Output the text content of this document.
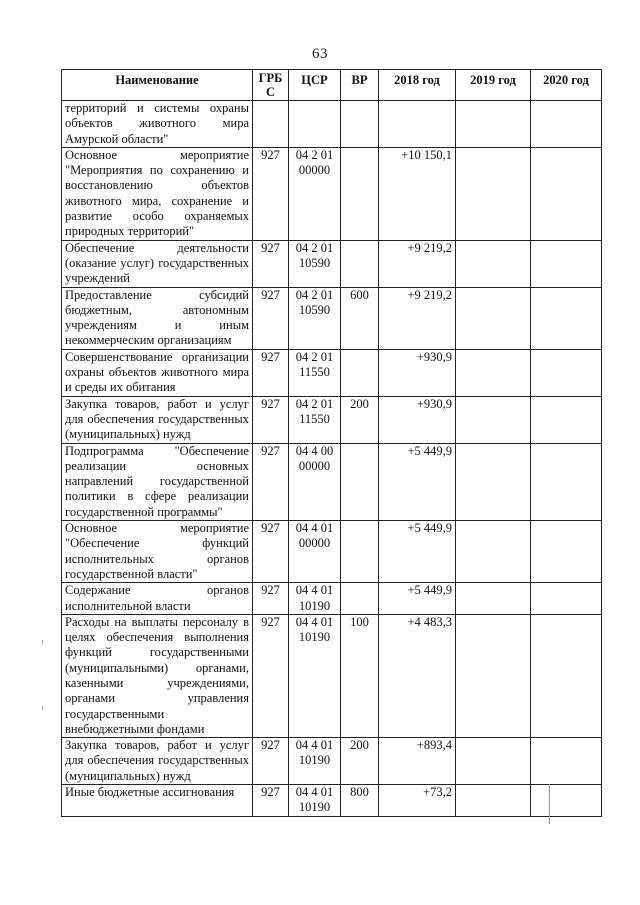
63
Наименование	ГРБ С	ЦСР	ВР	2018 год	2019 год	2020 год
территорий и системы охраны объектов животного мира Амурской области"						
Основное мероприятие "Мероприятия по сохранению и восстановлению объектов животного мира, сохранение и развитие особо охраняемых природных территорий"	927	04 2 01 00000		+10 150,1		
Обеспечение деятельности (оказание услуг) государственных учреждений	927	04 2 01 10590		+9 219,2		
Предоставление субсидий бюджетным, автономным учреждениям и иным некоммерческим организациям	927	04 2 01 10590	600	+9 219,2		
Совершенствование организации охраны объектов животного мира и среды их обитания	927	04 2 01 11550		+930,9		
Закупка товаров, работ и услуг для обеспечения государственных (муниципальных) нужд	927	04 2 01 11550	200	+930,9		
Подпрограмма "Обеспечение реализации основных направлений государственной политики в сфере реализации государственной программы"	927	04 4 00 00000		+5 449,9		
Основное мероприятие "Обеспечение функций исполнительных органов государственной власти"	927	04 4 01 00000		+5 449,9		
Содержание органов исполнительной власти	927	04 4 01 10190		+5 449,9		
Расходы на выплаты персоналу в целях обеспечения выполнения функций государственными (муниципальными) органами, казенными учреждениями, органами управления государственными внебюджетными фондами	927	04 4 01 10190	100	+4 483,3		
Закупка товаров, работ и услуг для обеспечения государственных (муниципальных) нужд	927	04 4 01 10190	200	+893,4		
Иные бюджетные ассигнования	927	04 4 01 10190	800	+73,2		
